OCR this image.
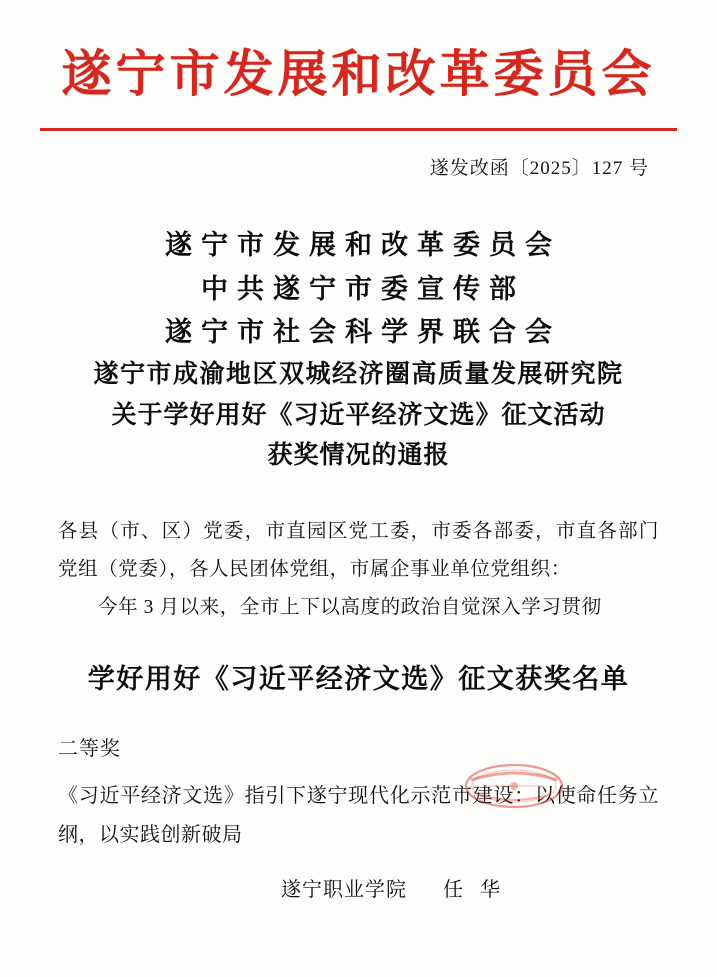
遂宁市发展和改革委员会
遂发改函〔2025〕127 号
遂宁市发展和改革委员会
中共遂宁市委宣传部
遂宁市社会科学界联合会
遂宁市成渝地区双城经济圈高质量发展研究院
关于学好用好《习近平经济文选》征文活动
获奖情况的通报
各县（市、区）党委，市直园区党工委，市委各部委，市直各部门党组（党委），各人民团体党组，市属企事业单位党组织：
今年 3 月以来，全市上下以高度的政治自觉深入学习贯彻
学好用好《习近平经济文选》征文获奖名单
二等奖
《习近平经济文选》指引下遂宁现代化示范市建设：以使命任务立纲，以实践创新破局
遂宁职业学院 任 华
